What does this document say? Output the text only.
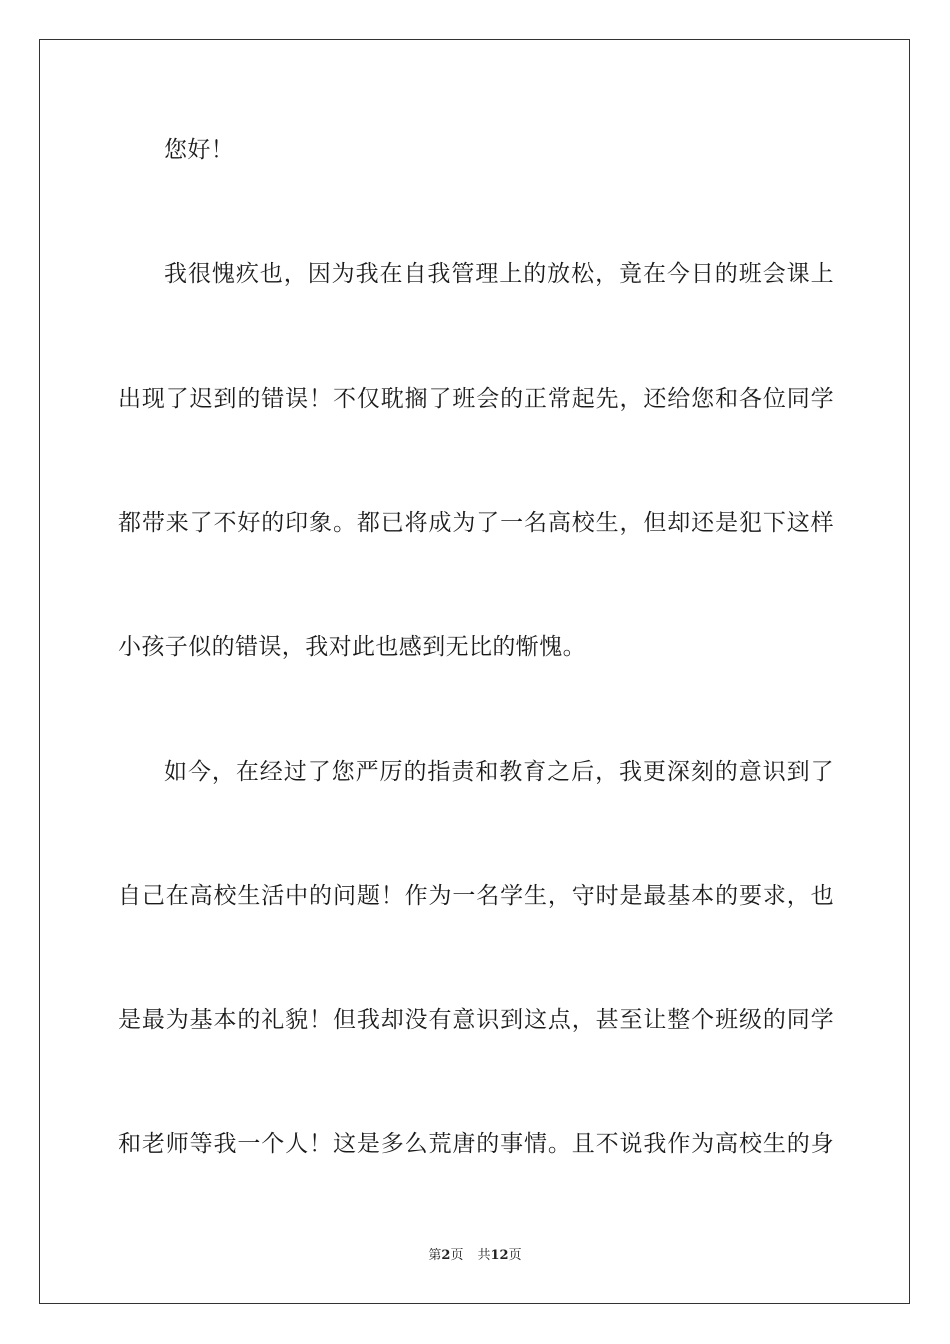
您好！
我很愧疚也，因为我在自我管理上的放松，竟在今日的班会课上
出现了迟到的错误！不仅耽搁了班会的正常起先，还给您和各位同学
都带来了不好的印象。都已将成为了一名高校生，但却还是犯下这样
小孩子似的错误，我对此也感到无比的惭愧。
如今，在经过了您严厉的指责和教育之后，我更深刻的意识到了
自己在高校生活中的问题！作为一名学生，守时是最基本的要求，也
是最为基本的礼貌！但我却没有意识到这点，甚至让整个班级的同学
和老师等我一个人！这是多么荒唐的事情。且不说我作为高校生的身
第2页 共12页
